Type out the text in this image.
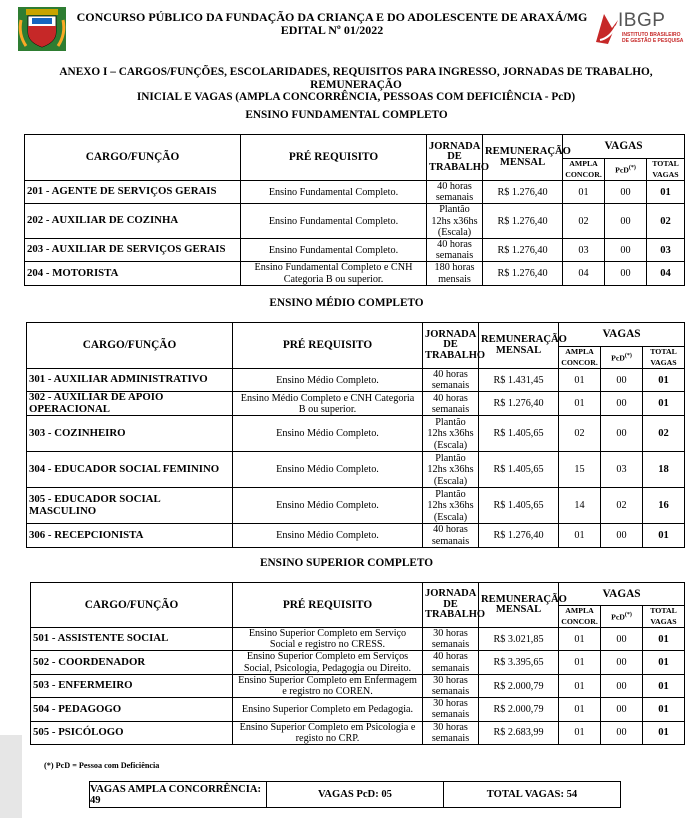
CONCURSO PÚBLICO DA FUNDAÇÃO DA CRIANÇA E DO ADOLESCENTE DE ARAXÁ/MG
EDITAL Nº 01/2022	IBGP
INSTITUTO BRASILEIRO
DE GESTÃO E PESQUISA
ANEXO I – CARGOS/FUNÇÕES, ESCOLARIDADES, REQUISITOS PARA INGRESSO, JORNADAS DE TRABALHO, REMUNERAÇÃO
INICIAL E VAGAS (AMPLA CONCORRÊNCIA, PESSOAS COM DEFICIÊNCIA - PcD)
ENSINO FUNDAMENTAL COMPLETO
CARGO/FUNÇÃO	PRÉ REQUISITO	JORNADA
DE
TRABALHO	REMUNERAÇÃO
MENSAL	VAGAS		
				AMPLA
CONCOR.	PcD(*)	TOTAL
VAGAS
201 - AGENTE DE SERVIÇOS GERAIS	Ensino Fundamental Completo.	40 horas
semanais	R$ 1.276,40	01	00	01
202 - AUXILIAR DE COZINHA	Ensino Fundamental Completo.	Plantão
12hs x36hs
(Escala)	R$ 1.276,40	02	00	02
203 - AUXILIAR DE SERVIÇOS GERAIS	Ensino Fundamental Completo.	40 horas
semanais	R$ 1.276,40	03	00	03
204 - MOTORISTA	Ensino Fundamental Completo e CNH
Categoria B ou superior.	180 horas
mensais	R$ 1.276,40	04	00	04
ENSINO MÉDIO COMPLETO
CARGO/FUNÇÃO	PRÉ REQUISITO	JORNADA
DE
TRABALHO	REMUNERAÇÃO
MENSAL	VAGAS		
				AMPLA
CONCOR.	PcD(*)	TOTAL
VAGAS
301 - AUXILIAR ADMINISTRATIVO	Ensino Médio Completo.	40 horas
semanais	R$ 1.431,45	01	00	01
302 - AUXILIAR DE APOIO
OPERACIONAL	Ensino Médio Completo e CNH Categoria
B ou superior.	40 horas
semanais	R$ 1.276,40	01	00	01
303 - COZINHEIRO	Ensino Médio Completo.	Plantão
12hs x36hs
(Escala)	R$ 1.405,65	02	00	02
304 - EDUCADOR SOCIAL FEMININO	Ensino Médio Completo.	Plantão
12hs x36hs
(Escala)	R$ 1.405,65	15	03	18
305 - EDUCADOR SOCIAL
MASCULINO	Ensino Médio Completo.	Plantão
12hs x36hs
(Escala)	R$ 1.405,65	14	02	16
306 - RECEPCIONISTA	Ensino Médio Completo.	40 horas
semanais	R$ 1.276,40	01	00	01
ENSINO SUPERIOR COMPLETO
CARGO/FUNÇÃO	PRÉ REQUISITO	JORNADA
DE
TRABALHO	REMUNERAÇÃO
MENSAL	VAGAS		
				AMPLA
CONCOR.	PcD(*)	TOTAL
VAGAS
501 - ASSISTENTE SOCIAL	Ensino Superior Completo em Serviço
Social e registro no CRESS.	30 horas
semanais	R$ 3.021,85	01	00	01
502 - COORDENADOR	Ensino Superior Completo em Serviços
Social, Psicologia, Pedagogia ou Direito.	40 horas
semanais	R$ 3.395,65	01	00	01
503 - ENFERMEIRO	Ensino Superior Completo em Enfermagem
e registro no COREN.	30 horas
semanais	R$ 2.000,79	01	00	01
504 - PEDAGOGO	Ensino Superior Completo em Pedagogia.	30 horas
semanais	R$ 2.000,79	01	00	01
505 - PSICÓLOGO	Ensino Superior Completo em Psicologia e
registo no CRP.	30 horas
semanais	R$ 2.683,99	01	00	01
(*) PcD = Pessoa com Deficiência
VAGAS AMPLA CONCORRÊNCIA: 49	VAGAS PcD: 05	TOTAL VAGAS: 54
